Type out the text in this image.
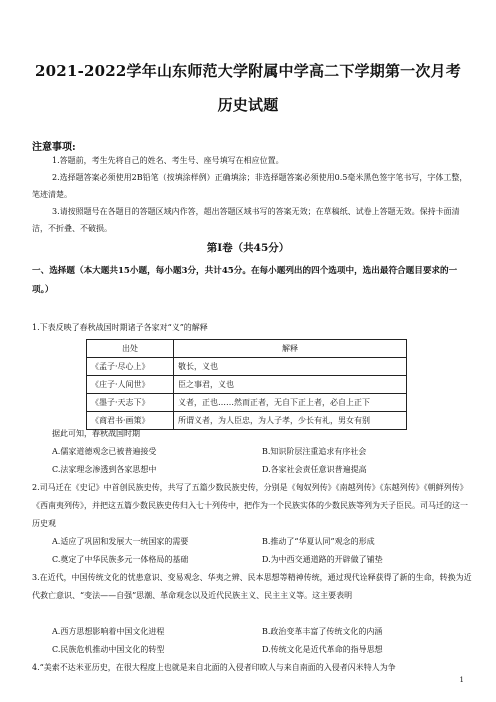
2021-2022学年山东师范大学附属中学高二下学期第一次月考
历史试题
注意事项:
1.答题前，考生先将自己的姓名、考生号、座号填写在相应位置。
2.选择题答案必须使用2B铅笔（按填涂样例）正确填涂；非选择题答案必须使用0.5毫米黑色签字笔书写，字体工整，笔迹清楚。
3.请按照题号在各题目的答题区域内作答，超出答题区域书写的答案无效；在草稿纸、试卷上答题无效。保持卡面清洁，不折叠、不破损。
第Ⅰ卷（共45分）
一、选择题（本大题共15小题，每小题3分，共计45分。在每小题列出的四个选项中，选出最符合题目要求的一项。）
1.下表反映了春秋战国时期诸子各家对“义”的解释
出处	解释
《孟子·尽心上》	敬长，义也
《庄子·人间世》	臣之事君，义也
《墨子·天志下》	义者，正也……然而正者，无自下正上者，必自上正下
《商君书·画策》	所谓义者，为人臣忠，为人子孝，少长有礼，男女有别
据此可知，春秋战国时期
A.儒家道德观念已被普遍接受	B.知识阶层注重追求有序社会
C.法家理念渗透到各家思想中	D.各家社会责任意识普遍提高
2.司马迁在《史记》中首创民族史传，共写了五篇少数民族史传，分别是《匈奴列传》《南越列传》《东越列传》《朝鲜列传》《西南夷列传》，并把这五篇少数民族史传归入七十列传中，把作为一个民族实体的少数民族等列为天子臣民。司马迁的这一历史观
A.适应了巩固和发展大一统国家的需要	B.推动了“华夏认同”观念的形成
C.奠定了中华民族多元一体格局的基础	D.为中西交通道路的开辟做了铺垫
3.在近代，中国传统文化的忧患意识、变易观念、华夷之辨、民本思想等精神传统，通过现代诠释获得了新的生命，转换为近代救亡意识、“变法——自强”思潮、革命观念以及近代民族主义、民主主义等。这主要表明
A.西方思想影响着中国文化进程	B.政治变革丰富了传统文化的内涵
C.民族危机推动中国文化的转型	D.传统文化是近代革命的指导思想
4.“美索不达米亚历史，在很大程度上也就是来自北面的入侵者印欧人与来自南面的入侵者闪米特人为争
1
